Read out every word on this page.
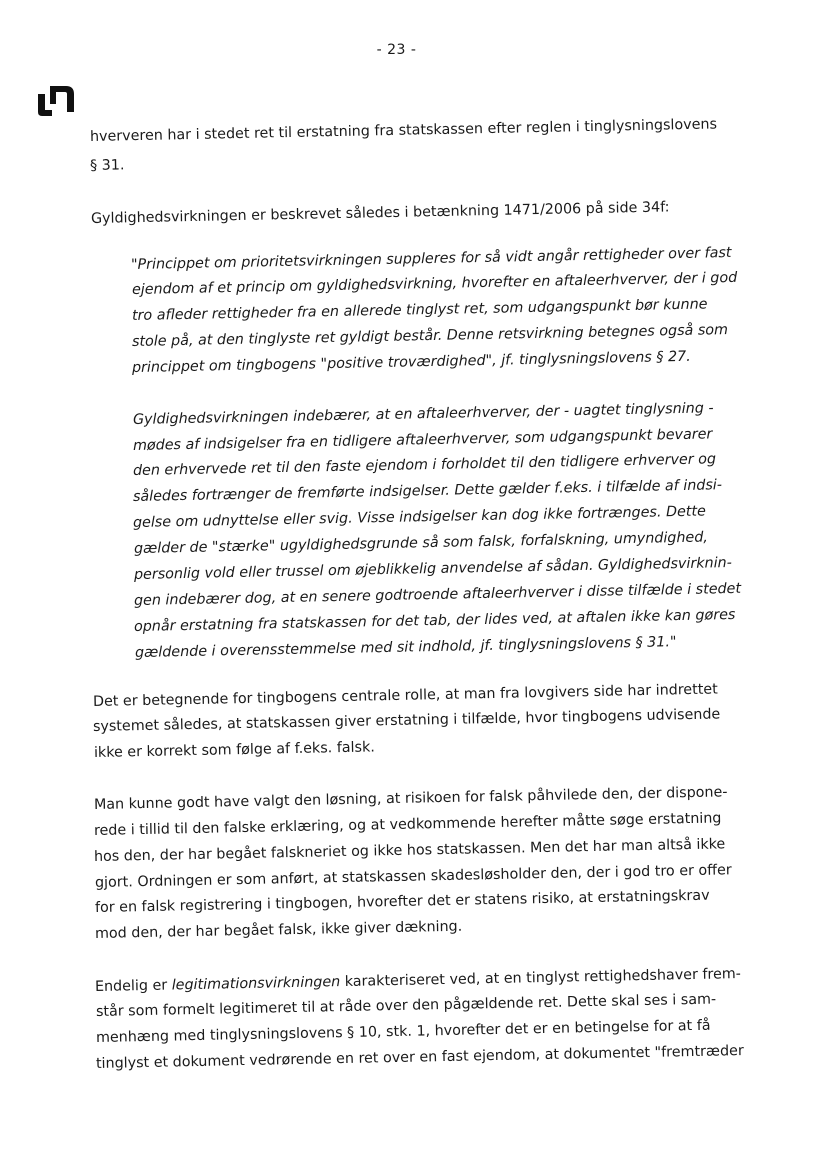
- 23 -
hververen har i stedet ret til erstatning fra statskassen efter reglen i tinglysningslovens
§ 31.
Gyldighedsvirkningen er beskrevet således i betænkning 1471/2006 på side 34f:
"Princippet om prioritetsvirkningen suppleres for så vidt angår rettigheder over fast
ejendom af et princip om gyldighedsvirkning, hvorefter en aftaleerhverver, der i god
tro afleder rettigheder fra en allerede tinglyst ret, som udgangspunkt bør kunne
stole på, at den tinglyste ret gyldigt består. Denne retsvirkning betegnes også som
princippet om tingbogens "positive troværdighed", jf. tinglysningslovens § 27.
Gyldighedsvirkningen indebærer, at en aftaleerhverver, der - uagtet tinglysning -
mødes af indsigelser fra en tidligere aftaleerhverver, som udgangspunkt bevarer
den erhvervede ret til den faste ejendom i forholdet til den tidligere erhverver og
således fortrænger de fremførte indsigelser. Dette gælder f.eks. i tilfælde af indsi-
gelse om udnyttelse eller svig. Visse indsigelser kan dog ikke fortrænges. Dette
gælder de "stærke" ugyldighedsgrunde så som falsk, forfalskning, umyndighed,
personlig vold eller trussel om øjeblikkelig anvendelse af sådan. Gyldighedsvirknin-
gen indebærer dog, at en senere godtroende aftaleerhverver i disse tilfælde i stedet
opnår erstatning fra statskassen for det tab, der lides ved, at aftalen ikke kan gøres
gældende i overensstemmelse med sit indhold, jf. tinglysningslovens § 31."
Det er betegnende for tingbogens centrale rolle, at man fra lovgivers side har indrettet
systemet således, at statskassen giver erstatning i tilfælde, hvor tingbogens udvisende
ikke er korrekt som følge af f.eks. falsk.
Man kunne godt have valgt den løsning, at risikoen for falsk påhvilede den, der dispone-
rede i tillid til den falske erklæring, og at vedkommende herefter måtte søge erstatning
hos den, der har begået falskneriet og ikke hos statskassen. Men det har man altså ikke
gjort. Ordningen er som anført, at statskassen skadesløsholder den, der i god tro er offer
for en falsk registrering i tingbogen, hvorefter det er statens risiko, at erstatningskrav
mod den, der har begået falsk, ikke giver dækning.
Endelig er legitimationsvirkningen karakteriseret ved, at en tinglyst rettighedshaver frem-
står som formelt legitimeret til at råde over den pågældende ret. Dette skal ses i sam-
menhæng med tinglysningslovens § 10, stk. 1, hvorefter det er en betingelse for at få
tinglyst et dokument vedrørende en ret over en fast ejendom, at dokumentet "fremtræder
